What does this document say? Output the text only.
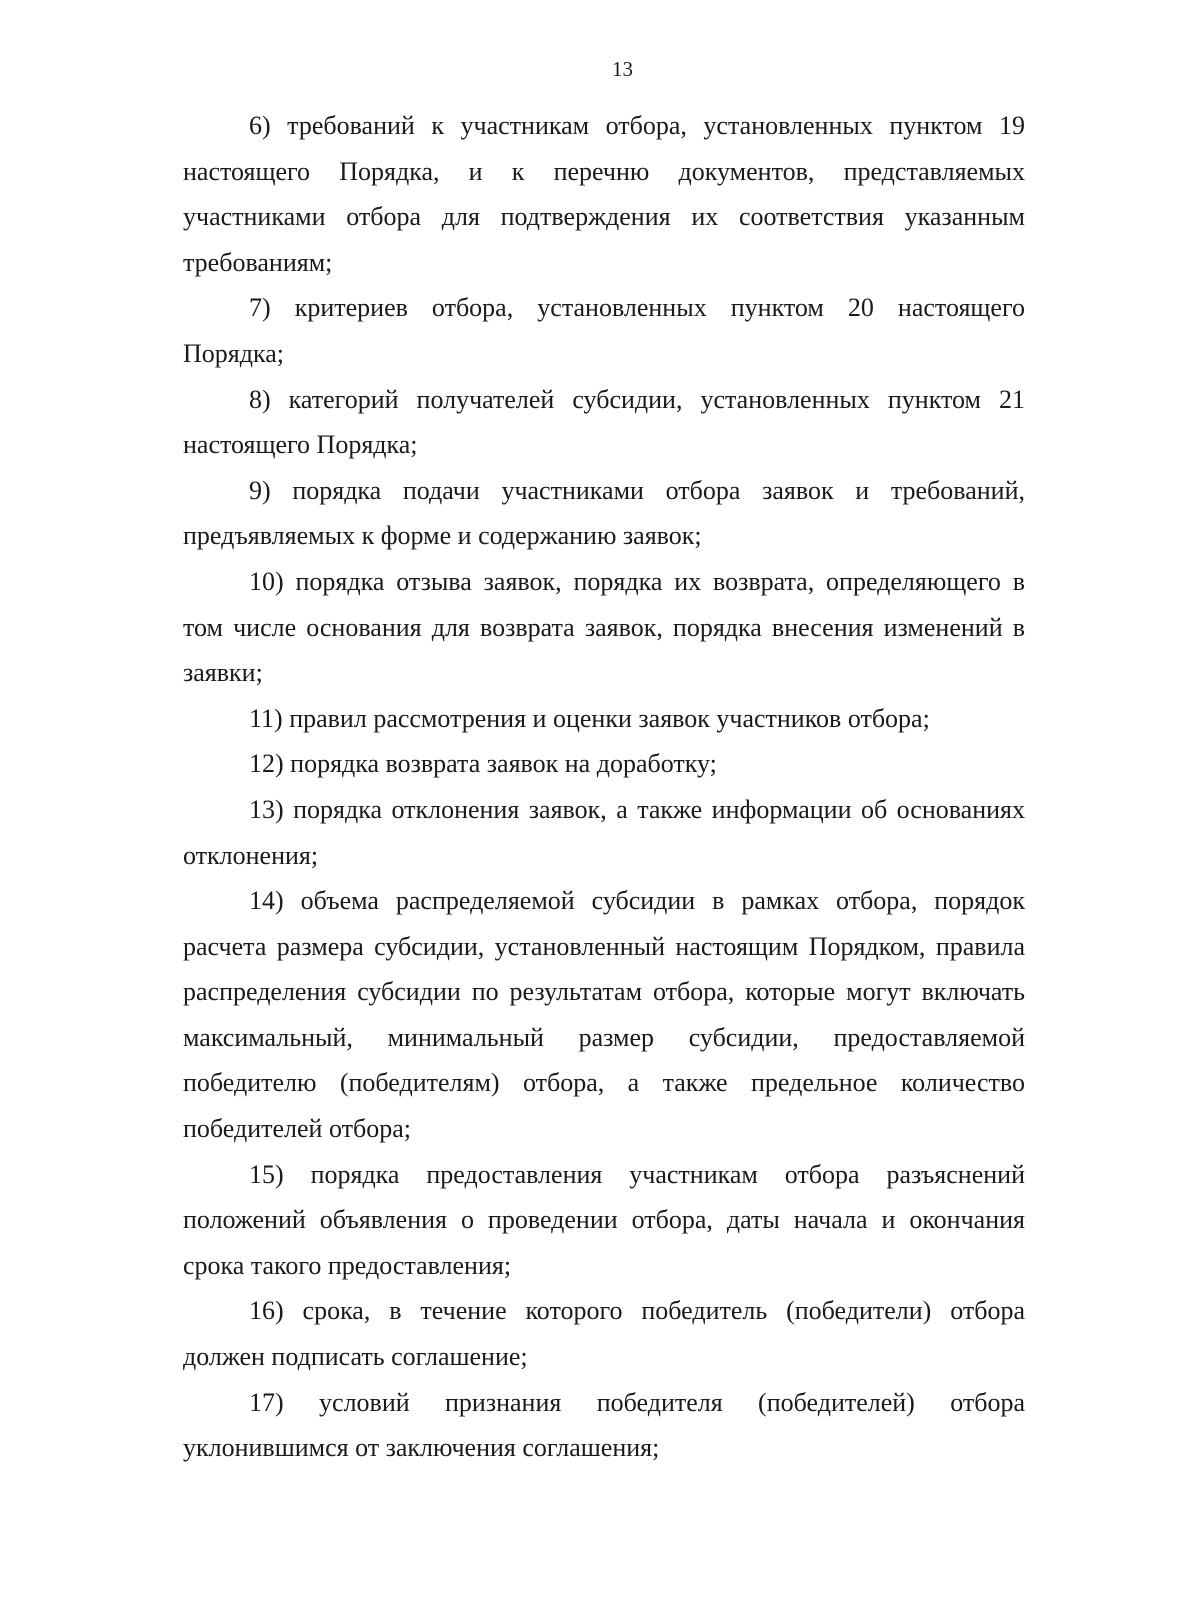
13

6) требований к участникам отбора, установленных пунктом 19 настоящего Порядка, и к перечню документов, представляемых участниками отбора для подтверждения их соответствия указанным требованиям;

7) критериев отбора, установленных пунктом 20 настоящего Порядка;

8) категорий получателей субсидии, установленных пунктом 21 настоящего Порядка;

9) порядка подачи участниками отбора заявок и требований, предъявляемых к форме и содержанию заявок;

10) порядка отзыва заявок, порядка их возврата, определяющего в том числе основания для возврата заявок, порядка внесения изменений в заявки;

11) правил рассмотрения и оценки заявок участников отбора;

12) порядка возврата заявок на доработку;

13) порядка отклонения заявок, а также информации об основаниях отклонения;

14) объема распределяемой субсидии в рамках отбора, порядок расчета размера субсидии, установленный настоящим Порядком, правила распределения субсидии по результатам отбора, которые могут включать максимальный, минимальный размер субсидии, предоставляемой победителю (победителям) отбора, а также предельное количество победителей отбора;

15) порядка предоставления участникам отбора разъяснений положений объявления о проведении отбора, даты начала и окончания срока такого предоставления;

16) срока, в течение которого победитель (победители) отбора должен подписать соглашение;

17) условий признания победителя (победителей) отбора уклонившимся от заключения соглашения;
